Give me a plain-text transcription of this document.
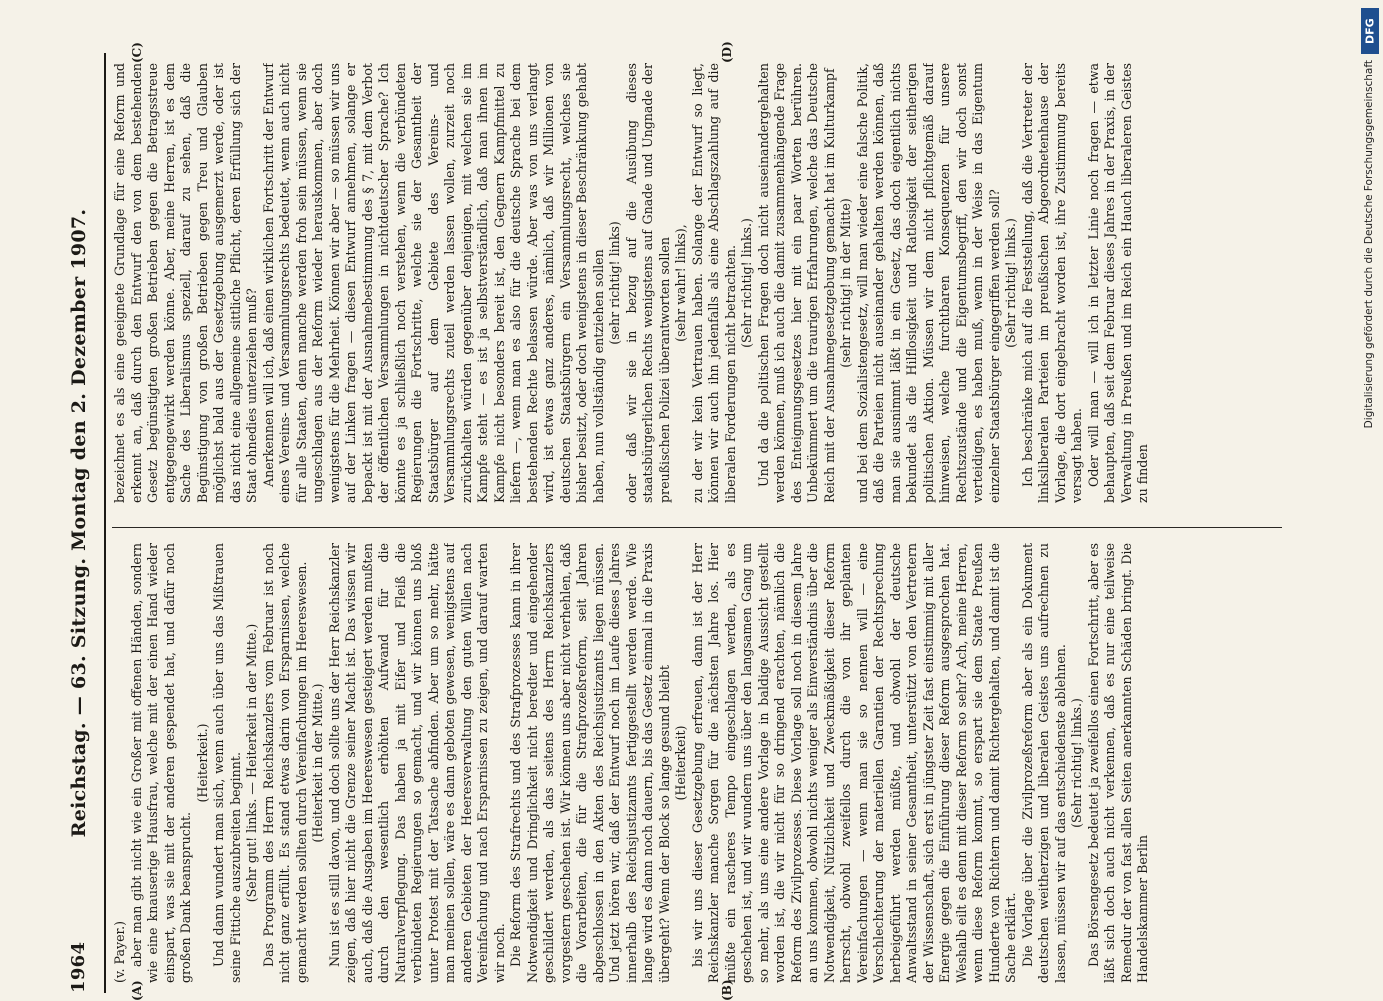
1964
Reichstag. — 63. Sitzung. Montag den 2. Dezember 1907.

(v. Payer.) aber man gibt nicht wie ein Großer mit offenen Händen, sondern wie eine knauserige Hausfrau, welche mit der einen Hand wieder einspart, was sie mit der anderen gespendet hat, und dafür noch großen Dank beansprucht.

(Heiterkeit.) Und dann wundert man sich, wenn auch über uns das Mißtrauen seine Fittiche auszubreiten beginnt. (Sehr gut! links. — Heiterkeit in der Mitte.) Das Programm des Herrn Reichskanzlers vom Februar ist noch nicht ganz erfüllt. Es stand etwas darin von Ersparnissen, welche gemacht werden sollten durch Vereinfachungen im Heereswesen. (Heiterkeit in der Mitte.) Nun ist es still davon, und doch sollte uns der Herr Reichskanzler zeigen, daß hier nicht die Grenze seiner Macht ist. Das wissen wir auch, daß die Ausgaben im Heereswesen gesteigert werden mußten durch den wesentlich erhöhten Aufwand für die Naturalverpflegung. Das haben ja mit Eifer und Fleiß die verbündeten Regierungen so gemacht, und wir können uns bloß unter Protest mit der Tatsache abfinden. Aber um so mehr, hätte man meinen sollen, wäre es dann geboten gewesen, wenigstens auf anderen Gebieten der Heeresverwaltung den guten Willen nach Vereinfachung und nach Ersparnissen zu zeigen, und darauf warten wir noch. Die Reform des Strafrechts und des Strafprozesses kann in ihrer Notwendigkeit und Dringlichkeit nicht beredter und eingehender geschildert werden, als das seitens des Herrn Reichskanzlers vorgestern geschehen ist. Wir können uns aber nicht verhehlen, daß die Vorarbeiten, die für die Strafprozeßreform, seit Jahren abgeschlossen in den Akten des Reichsjustizamts liegen müssen. Und jetzt hören wir, daß der Entwurf noch im Laufe dieses Jahres innerhalb des Reichsjustizamts fertiggestellt werden werde. Wie lange wird es dann noch dauern, bis das Gesetz einmal in die Praxis übergeht? Wenn der Block so lange gesund bleibt (Heiterkeit) bis wir uns dieser Gesetzgebung erfreuen, dann ist der Herr Reichskanzler manche Sorgen für die nächsten Jahre los. Hier müßte ein rascheres Tempo eingeschlagen werden, als es geschehen ist, und wir wundern uns über den langsamen Gang um so mehr, als uns eine andere Vorlage in baldige Aussicht gestellt worden ist, die wir nicht für so dringend erachten, nämlich die Reform des Zivilprozesses. Diese Vorlage soll noch in diesem Jahre an uns kommen, obwohl nichts weniger als Einverständnis über die Notwendigkeit, Nützlichkeit und Zweckmäßigkeit dieser Reform herrscht, obwohl zweifellos durch die von ihr geplanten Vereinfachungen — wenn man sie so nennen will — eine Verschlechterung der materiellen Garantien der Rechtsprechung herbeigeführt werden müßte, und obwohl der deutsche Anwaltsstand in seiner Gesamtheit, unterstützt von den Vertretern der Wissenschaft, sich erst in jüngster Zeit fast einstimmig mit aller Energie gegen die Einführung dieser Reform ausgesprochen hat. Weshalb eilt es denn mit dieser Reform so sehr? Ach, meine Herren, wenn diese Reform kommt, so erspart sie dem Staate Preußen Hunderte von Richtern und damit Richtergehalten, und damit ist die Sache erklärt. Die Vorlage über die Zivilprozeßreform aber als ein Dokument deutschen weitherzigen und liberalen Geistes uns aufrechnen zu lassen, müssen wir auf das entschiedenste ablehnen. (Sehr richtig! links.) Das Börsengesetz bedeutet ja zweifellos einen Fortschritt, aber es läßt sich doch auch nicht verkennen, daß es nur eine teilweise Remedur der von fast allen Seiten anerkannten Schäden bringt. Die Handelskammer Berlin

bezeichnet es als eine geeignete Grundlage für eine Reform und erkennt an, daß durch den Entwurf den von dem bestehenden Gesetz begünstigten großen Betrieben gegen die Betragsstreue entgegengewirkt werden könne. Aber, meine Herren, ist es dem Sache des Liberalismus speziell, darauf zu sehen, daß die Begünstigung von großen Betrieben gegen Treu und Glauben möglichst bald aus der Gesetzgebung ausgemerzt werde, oder ist das nicht eine allgemeine sittliche Pflicht, deren Erfüllung sich der Staat ohnedies unterziehen muß? Anerkennen will ich, daß einen wirklichen Fortschritt der Entwurf eines Vereins- und Versammlungsrechts bedeutet, wenn auch nicht für alle Staaten, denn manche werden froh sein müssen, wenn sie ungeschlagen aus der Reform wieder herauskommen, aber doch wenigstens für die Mehrheit. Können wir aber — so müssen wir uns auf der Linken fragen — diesen Entwurf annehmen, solange er bepackt ist mit der Ausnahmebestimmung des § 7, mit dem Verbot der öffentlichen Versammlungen in nichtdeutscher Sprache? Ich könnte es ja schließlich noch verstehen, wenn die verbündeten Regierungen die Fortschritte, welche sie der Gesamtheit der Staatsbürger auf dem Gebiete des Vereins- und Versammlungsrechts zuteil werden lassen wollen, zurzeit noch zurückhalten würden gegenüber denjenigen, mit welchen sie im Kampfe steht — es ist ja selbstverständlich, daß man ihnen im Kampfe nicht besonders bereit ist, den Gegnern Kampfmittel zu liefern —, wenn man es also für die deutsche Sprache bei dem bestehenden Rechte belassen würde. Aber was von uns verlangt wird, ist etwas ganz anderes, nämlich, daß wir Millionen von deutschen Staatsbürgern ein Versammlungsrecht, welches sie bisher besitzt, oder doch wenigstens in dieser Beschränkung gehabt haben, nun vollständig entziehen sollen (sehr richtig! links) oder daß wir sie in bezug auf die Ausübung dieses staatsbürgerlichen Rechts wenigstens auf Gnade und Ungnade der preußischen Polizei überantworten sollen (sehr wahr! links), zu der wir kein Vertrauen haben. Solange der Entwurf so liegt, können wir auch ihn jedenfalls als eine Abschlagszahlung auf die liberalen Forderungen nicht betrachten. (Sehr richtig! links.) Und da die politischen Fragen doch nicht auseinandergehalten werden können, muß ich auch die damit zusammenhängende Frage des Enteignungsgesetzes hier mit ein paar Worten berühren. Unbekümmert um die traurigen Erfahrungen, welche das Deutsche Reich mit der Ausnahmegesetzgebung gemacht hat im Kulturkampf (sehr richtig! in der Mitte) und bei dem Sozialistengesetz, will man wieder eine falsche Politik, daß die Parteien nicht auseinander gehalten werden können, daß man sie ausnimmt läßt in ein Gesetz, das doch eigentlich nichts bekundet als die Hilflosigkeit und Ratlosigkeit der seitherigen politischen Aktion. Müssen wir dem nicht pflichtgemäß darauf hinweisen, welche furchtbaren Konsequenzen für unsere Rechtszustände und die Eigentumsbegriff, den wir doch sonst verteidigen, es haben muß, wenn in der Weise in das Eigentum einzelner Staatsbürger eingegriffen werden soll? (Sehr richtig! links.) Ich beschränke mich auf die Feststellung, daß die Vertreter der linksliberalen Parteien im preußischen Abgeordnetenhause der Vorlage, die dort eingebracht worden ist, ihre Zustimmung bereits versagt haben. Oder will man — will ich in letzter Linie noch fragen — etwa behaupten, daß seit dem Februar dieses Jahres in der Praxis, in der Verwaltung in Preußen und im Reich ein Hauch liberaleren Geistes zu finden

(A)	(B)
(C)	(D)
DFG
Digitalisierung gefördert durch die Deutsche Forschungsgemeinschaft
